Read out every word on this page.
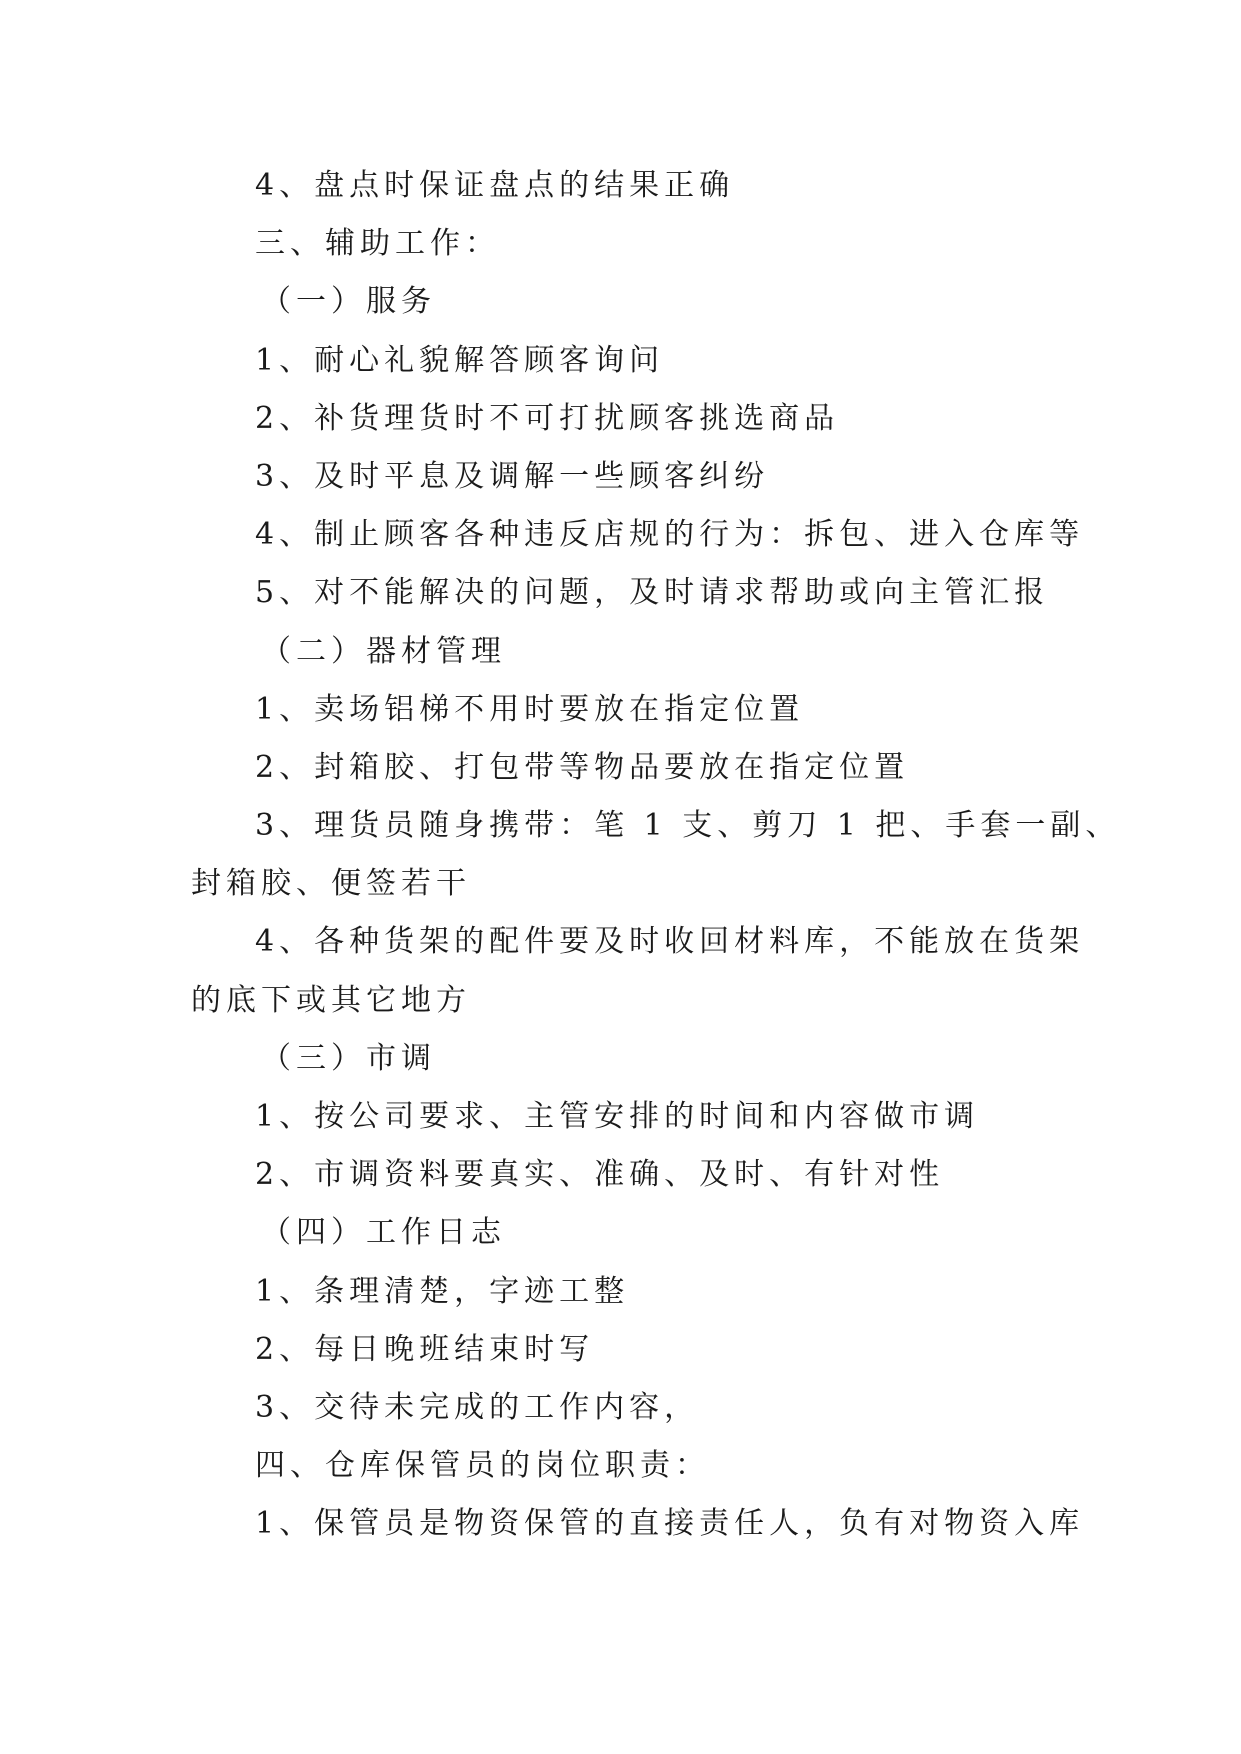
4、盘点时保证盘点的结果正确
三、辅助工作：
（一）服务
1、耐心礼貌解答顾客询问
2、补货理货时不可打扰顾客挑选商品
3、及时平息及调解一些顾客纠纷
4、制止顾客各种违反店规的行为：拆包、进入仓库等
5、对不能解决的问题，及时请求帮助或向主管汇报
（二）器材管理
1、卖场铝梯不用时要放在指定位置
2、封箱胶、打包带等物品要放在指定位置
3、理货员随身携带：笔 1 支、剪刀 1 把、手套一副、
封箱胶、便签若干
4、各种货架的配件要及时收回材料库，不能放在货架
的底下或其它地方
（三）市调
1、按公司要求、主管安排的时间和内容做市调
2、市调资料要真实、准确、及时、有针对性
（四）工作日志
1、条理清楚，字迹工整
2、每日晚班结束时写
3、交待未完成的工作内容，
四、仓库保管员的岗位职责：
1、保管员是物资保管的直接责任人，负有对物资入库
